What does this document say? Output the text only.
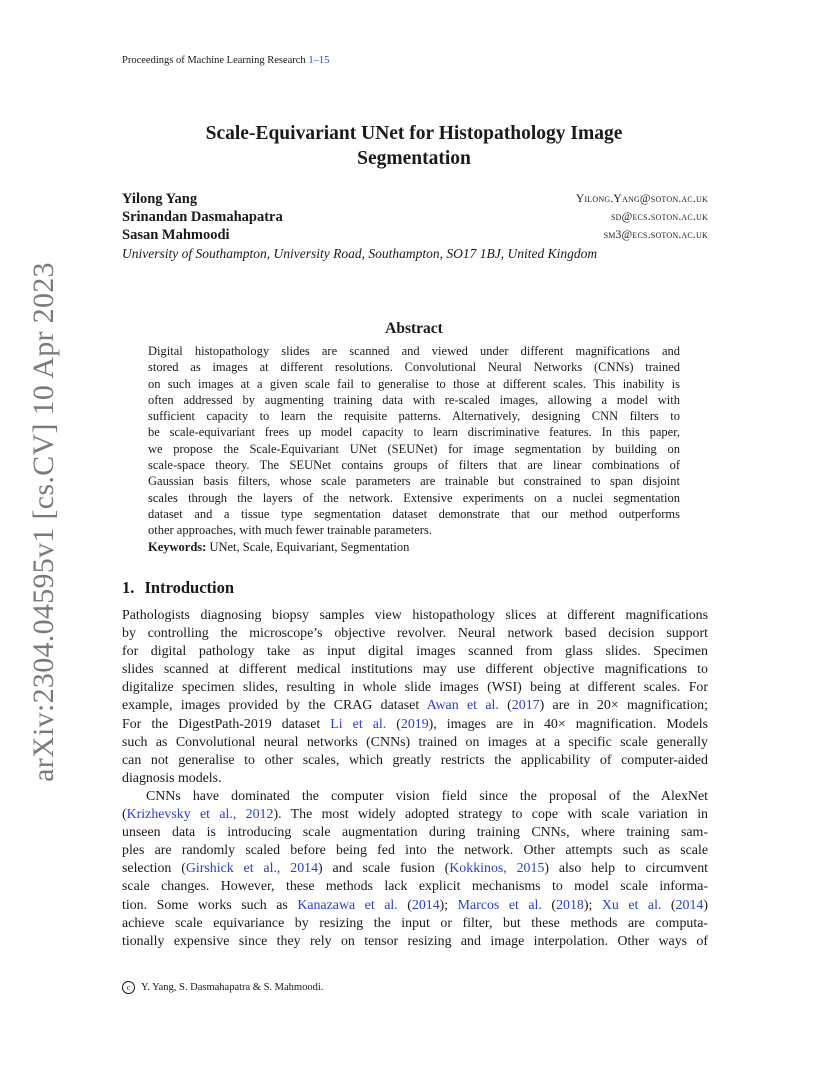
Proceedings of Machine Learning Research 1–15
arXiv:2304.04595v1 [cs.CV] 10 Apr 2023
Scale-Equivariant UNet for Histopathology Image Segmentation
Yilong Yang	Yilong.Yang@soton.ac.uk
Srinandan Dasmahapatra	sd@ecs.soton.ac.uk
Sasan Mahmoodi	sm3@ecs.soton.ac.uk
University of Southampton, University Road, Southampton, SO17 1BJ, United Kingdom
Abstract
Digital histopathology slides are scanned and viewed under different magnifications and
stored as images at different resolutions. Convolutional Neural Networks (CNNs) trained
on such images at a given scale fail to generalise to those at different scales. This inability is
often addressed by augmenting training data with re-scaled images, allowing a model with
sufficient capacity to learn the requisite patterns. Alternatively, designing CNN filters to
be scale-equivariant frees up model capacity to learn discriminative features. In this paper,
we propose the Scale-Equivariant UNet (SEUNet) for image segmentation by building on
scale-space theory. The SEUNet contains groups of filters that are linear combinations of
Gaussian basis filters, whose scale parameters are trainable but constrained to span disjoint
scales through the layers of the network. Extensive experiments on a nuclei segmentation
dataset and a tissue type segmentation dataset demonstrate that our method outperforms
other approaches, with much fewer trainable parameters.
Keywords: UNet, Scale, Equivariant, Segmentation
1. Introduction
Pathologists diagnosing biopsy samples view histopathology slices at different magnifications
by controlling the microscope’s objective revolver. Neural network based decision support
for digital pathology take as input digital images scanned from glass slides. Specimen
slides scanned at different medical institutions may use different objective magnifications to
digitalize specimen slides, resulting in whole slide images (WSI) being at different scales. For
example, images provided by the CRAG dataset Awan et al. (2017) are in 20× magnification;
For the DigestPath-2019 dataset Li et al. (2019), images are in 40× magnification. Models
such as Convolutional neural networks (CNNs) trained on images at a specific scale generally
can not generalise to other scales, which greatly restricts the applicability of computer-aided
diagnosis models.
CNNs have dominated the computer vision field since the proposal of the AlexNet
(Krizhevsky et al., 2012). The most widely adopted strategy to cope with scale variation in
unseen data is introducing scale augmentation during training CNNs, where training sam-
ples are randomly scaled before being fed into the network. Other attempts such as scale
selection (Girshick et al., 2014) and scale fusion (Kokkinos, 2015) also help to circumvent
scale changes. However, these methods lack explicit mechanisms to model scale informa-
tion. Some works such as Kanazawa et al. (2014); Marcos et al. (2018); Xu et al. (2014)
achieve scale equivariance by resizing the input or filter, but these methods are computa-
tionally expensive since they rely on tensor resizing and image interpolation. Other ways of
c Y. Yang, S. Dasmahapatra & S. Mahmoodi.
